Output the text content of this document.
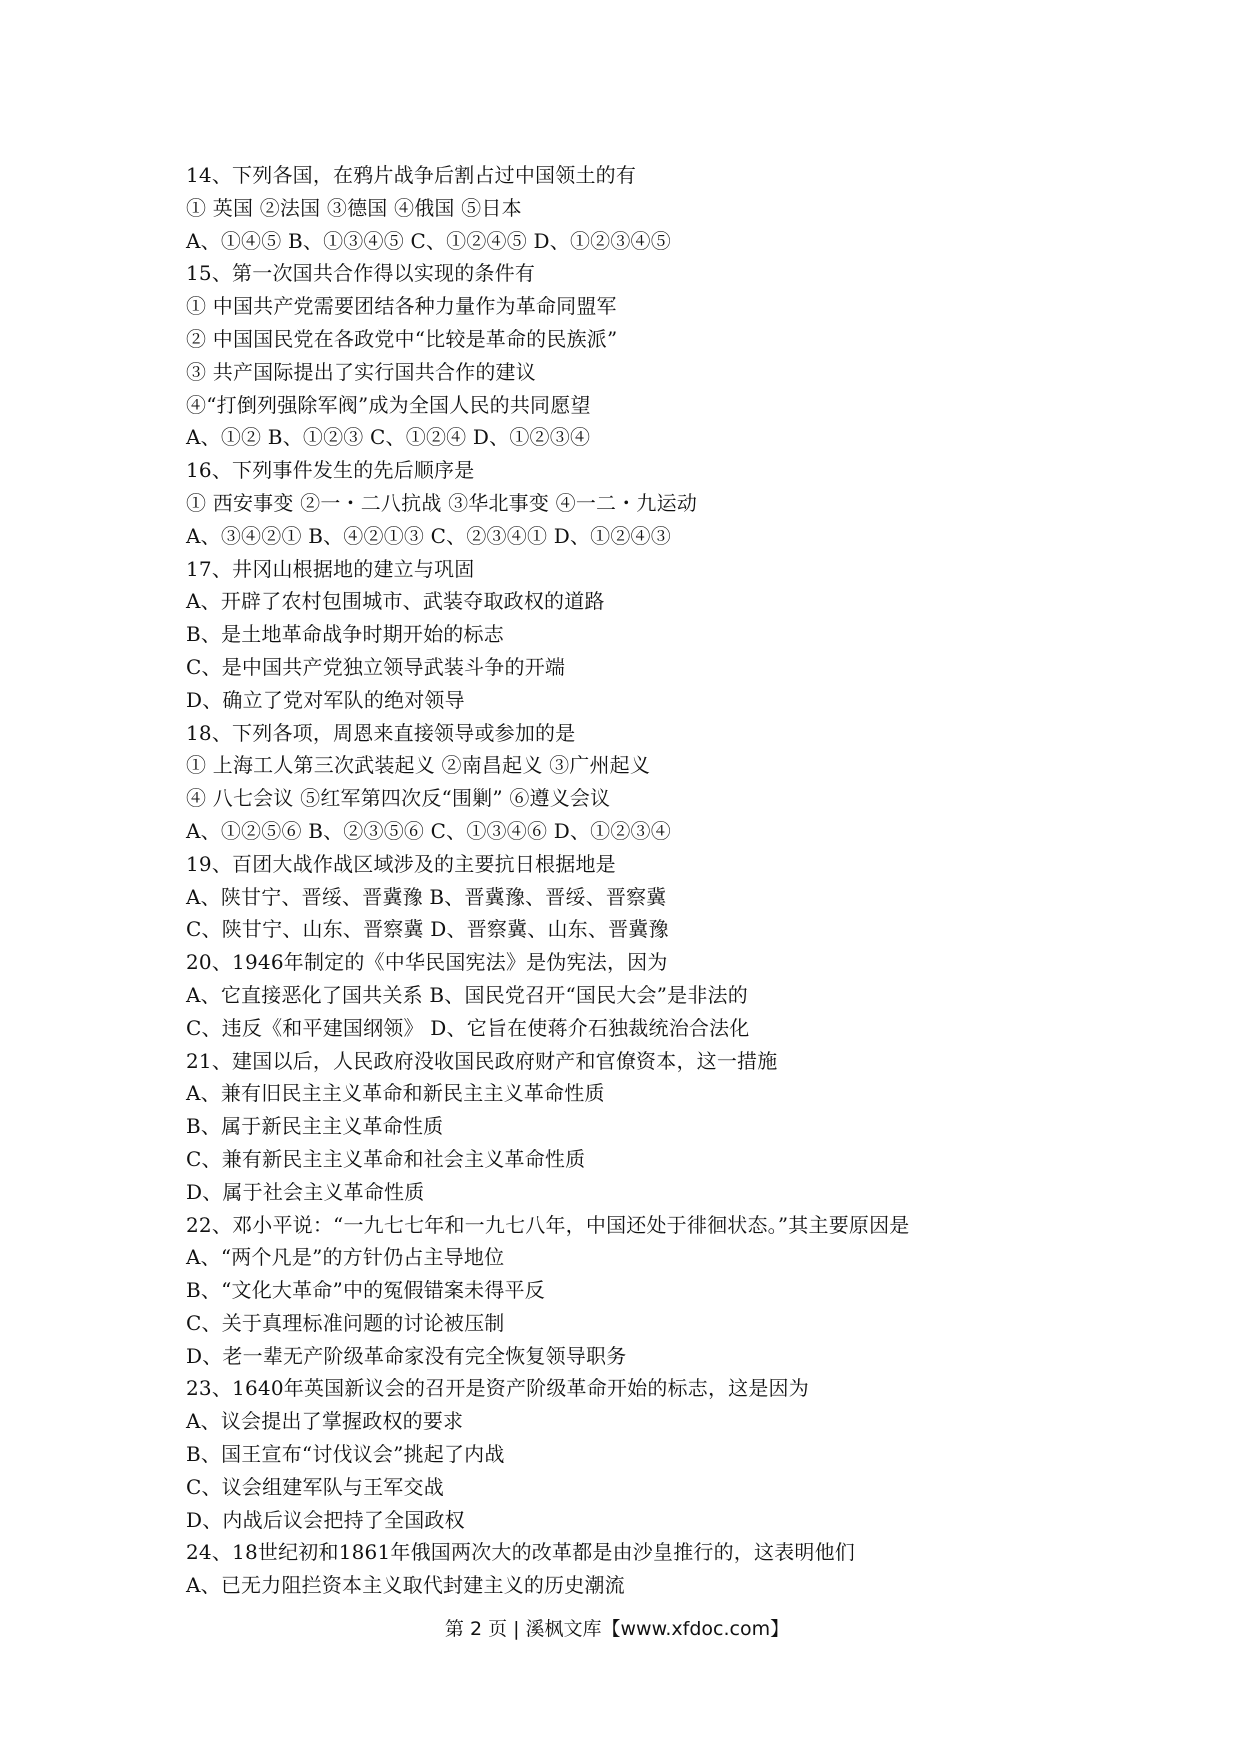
14、下列各国，在鸦片战争后割占过中国领土的有
① 英国 ②法国 ③德国 ④俄国 ⑤日本
A、①④⑤ B、①③④⑤ C、①②④⑤ D、①②③④⑤
15、第一次国共合作得以实现的条件有
① 中国共产党需要团结各种力量作为革命同盟军
② 中国国民党在各政党中“比较是革命的民族派”
③ 共产国际提出了实行国共合作的建议
④“打倒列强除军阀”成为全国人民的共同愿望
A、①② B、①②③ C、①②④ D、①②③④
16、下列事件发生的先后顺序是
① 西安事变 ②一・二八抗战 ③华北事变 ④一二・九运动
A、③④②① B、④②①③ C、②③④① D、①②④③
17、井冈山根据地的建立与巩固
A、开辟了农村包围城市、武装夺取政权的道路
B、是土地革命战争时期开始的标志
C、是中国共产党独立领导武装斗争的开端
D、确立了党对军队的绝对领导
18、下列各项，周恩来直接领导或参加的是
① 上海工人第三次武装起义 ②南昌起义 ③广州起义
④ 八七会议 ⑤红军第四次反“围剿” ⑥遵义会议
A、①②⑤⑥ B、②③⑤⑥ C、①③④⑥ D、①②③④
19、百团大战作战区域涉及的主要抗日根据地是
A、陕甘宁、晋绥、晋冀豫 B、晋冀豫、晋绥、晋察冀
C、陕甘宁、山东、晋察冀 D、晋察冀、山东、晋冀豫
20、1946年制定的《中华民国宪法》是伪宪法，因为
A、它直接恶化了国共关系 B、国民党召开“国民大会”是非法的
C、违反《和平建国纲领》 D、它旨在使蒋介石独裁统治合法化
21、建国以后，人民政府没收国民政府财产和官僚资本，这一措施
A、兼有旧民主主义革命和新民主主义革命性质
B、属于新民主主义革命性质
C、兼有新民主主义革命和社会主义革命性质
D、属于社会主义革命性质
22、邓小平说：“一九七七年和一九七八年，中国还处于徘徊状态。”其主要原因是
A、“两个凡是”的方针仍占主导地位
B、“文化大革命”中的冤假错案未得平反
C、关于真理标准问题的讨论被压制
D、老一辈无产阶级革命家没有完全恢复领导职务
23、1640年英国新议会的召开是资产阶级革命开始的标志，这是因为
A、议会提出了掌握政权的要求
B、国王宣布“讨伐议会”挑起了内战
C、议会组建军队与王军交战
D、内战后议会把持了全国政权
24、18世纪初和1861年俄国两次大的改革都是由沙皇推行的，这表明他们
A、已无力阻拦资本主义取代封建主义的历史潮流
第 2 页 | 溪枫文库【www.xfdoc.com】
